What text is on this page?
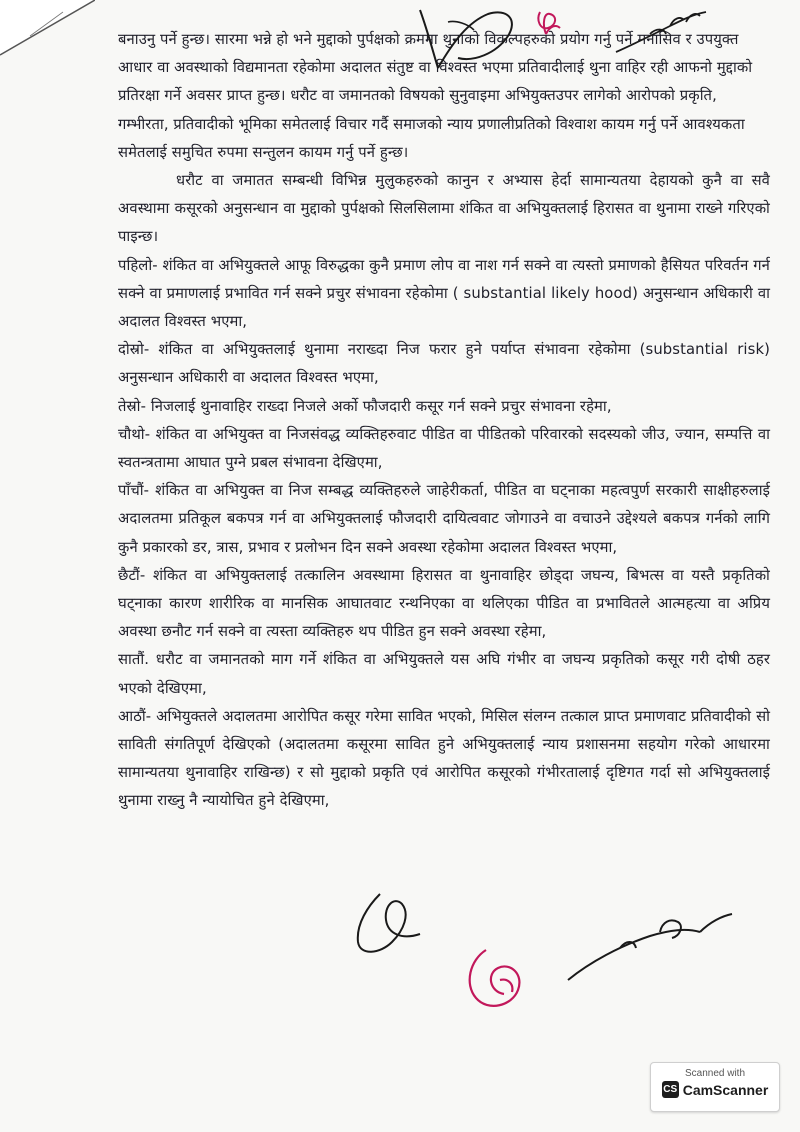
बनाउनु पर्ने हुन्छ। सारमा भन्ने हो भने मुद्दाको पुर्पक्षको क्रममा थुनाको विकल्पहरुको प्रयोग गर्नु पर्ने मनासिव र उपयुक्त आधार वा अवस्थाको विद्यमानता रहेकोमा अदालत संतुष्ट वा विश्वस्त भएमा प्रतिवादीलाई थुना वाहिर रही आफनो मुद्दाको प्रतिरक्षा गर्ने अवसर प्राप्त हुन्छ। धरौट वा जमानतको विषयको सुनुवाइमा अभियुक्तउपर लागेको आरोपको प्रकृति, गम्भीरता, प्रतिवादीको भूमिका समेतलाई विचार गर्दै समाजको न्याय प्रणालीप्रतिको विश्वाश कायम गर्नु पर्ने आवश्यकता समेतलाई समुचित रुपमा सन्तुलन कायम गर्नु पर्ने हुन्छ।

धरौट वा जमातत सम्बन्धी विभिन्न मुलुकहरुको कानुन र अभ्यास हेर्दा सामान्यतया देहायको कुनै वा सवै अवस्थामा कसूरको अनुसन्धान वा मुद्दाको पुर्पक्षको सिलसिलामा शंकित वा अभियुक्तलाई हिरासत वा थुनामा राख्ने गरिएको पाइन्छ।

पहिलो- शंकित वा अभियुक्तले आफू विरुद्धका कुनै प्रमाण लोप वा नाश गर्न सक्ने वा त्यस्तो प्रमाणको हैसियत परिवर्तन गर्न सक्ने वा प्रमाणलाई प्रभावित गर्न सक्ने प्रचुर संभावना रहेकोमा ( substantial likely hood) अनुसन्धान अधिकारी वा अदालत विश्वस्त भएमा,

दोस्रो- शंकित वा अभियुक्तलाई थुनामा नराख्दा निज फरार हुने पर्याप्त संभावना रहेकोमा (substantial risk) अनुसन्धान अधिकारी वा अदालत विश्वस्त भएमा,

तेस्रो- निजलाई थुनावाहिर राख्दा निजले अर्को फौजदारी कसूर गर्न सक्ने प्रचुर संभावना रहेमा,

चौथो- शंकित वा अभियुक्त वा निजसंवद्ध व्यक्तिहरुवाट पीडित वा पीडितको परिवारको सदस्यको जीउ, ज्यान, सम्पत्ति वा स्वतन्त्रतामा आघात पुग्ने प्रबल संभावना देखिएमा,

पाँचौं- शंकित वा अभियुक्त वा निज सम्बद्ध व्यक्तिहरुले जाहेरीकर्ता, पीडित वा घट्नाका महत्वपुर्ण सरकारी साक्षीहरुलाई अदालतमा प्रतिकूल बकपत्र गर्न वा अभियुक्तलाई फौजदारी दायित्ववाट जोगाउने वा वचाउने उद्देश्यले बकपत्र गर्नको लागि कुनै प्रकारको डर, त्रास, प्रभाव र प्रलोभन दिन सक्ने अवस्था रहेकोमा अदालत विश्वस्त भएमा,

छैटौं- शंकित वा अभियुक्तलाई तत्कालिन अवस्थामा हिरासत वा थुनावाहिर छोड्दा जघन्य, बिभत्स वा यस्तै प्रकृतिको घट्नाका कारण शारीरिक वा मानसिक आघातवाट रन्थनिएका वा थलिएका पीडित वा प्रभावितले आत्महत्या वा अप्रिय अवस्था छनौट गर्न सक्ने वा त्यस्ता व्यक्तिहरु थप पीडित हुन सक्ने अवस्था रहेमा,

सातौं. धरौट वा जमानतको माग गर्ने शंकित वा अभियुक्तले यस अघि गंभीर वा जघन्य प्रकृतिको कसूर गरी दोषी ठहर भएको देखिएमा,

आठौं- अभियुक्तले अदालतमा आरोपित कसूर गरेमा सावित भएको, मिसिल संलग्न तत्काल प्राप्त प्रमाणवाट प्रतिवादीको सो साविती संगतिपूर्ण देखिएको (अदालतमा कसूरमा सावित हुने अभियुक्तलाई न्याय प्रशासनमा सहयोग गरेको आधारमा सामान्यतया थुनावाहिर राखिन्छ) र सो मुद्दाको प्रकृति एवं आरोपित कसूरको गंभीरतालाई दृष्टिगत गर्दा सो अभियुक्तलाई थुनामा राख्नु नै न्यायोचित हुने देखिएमा,

Scanned with
CS CamScanner
